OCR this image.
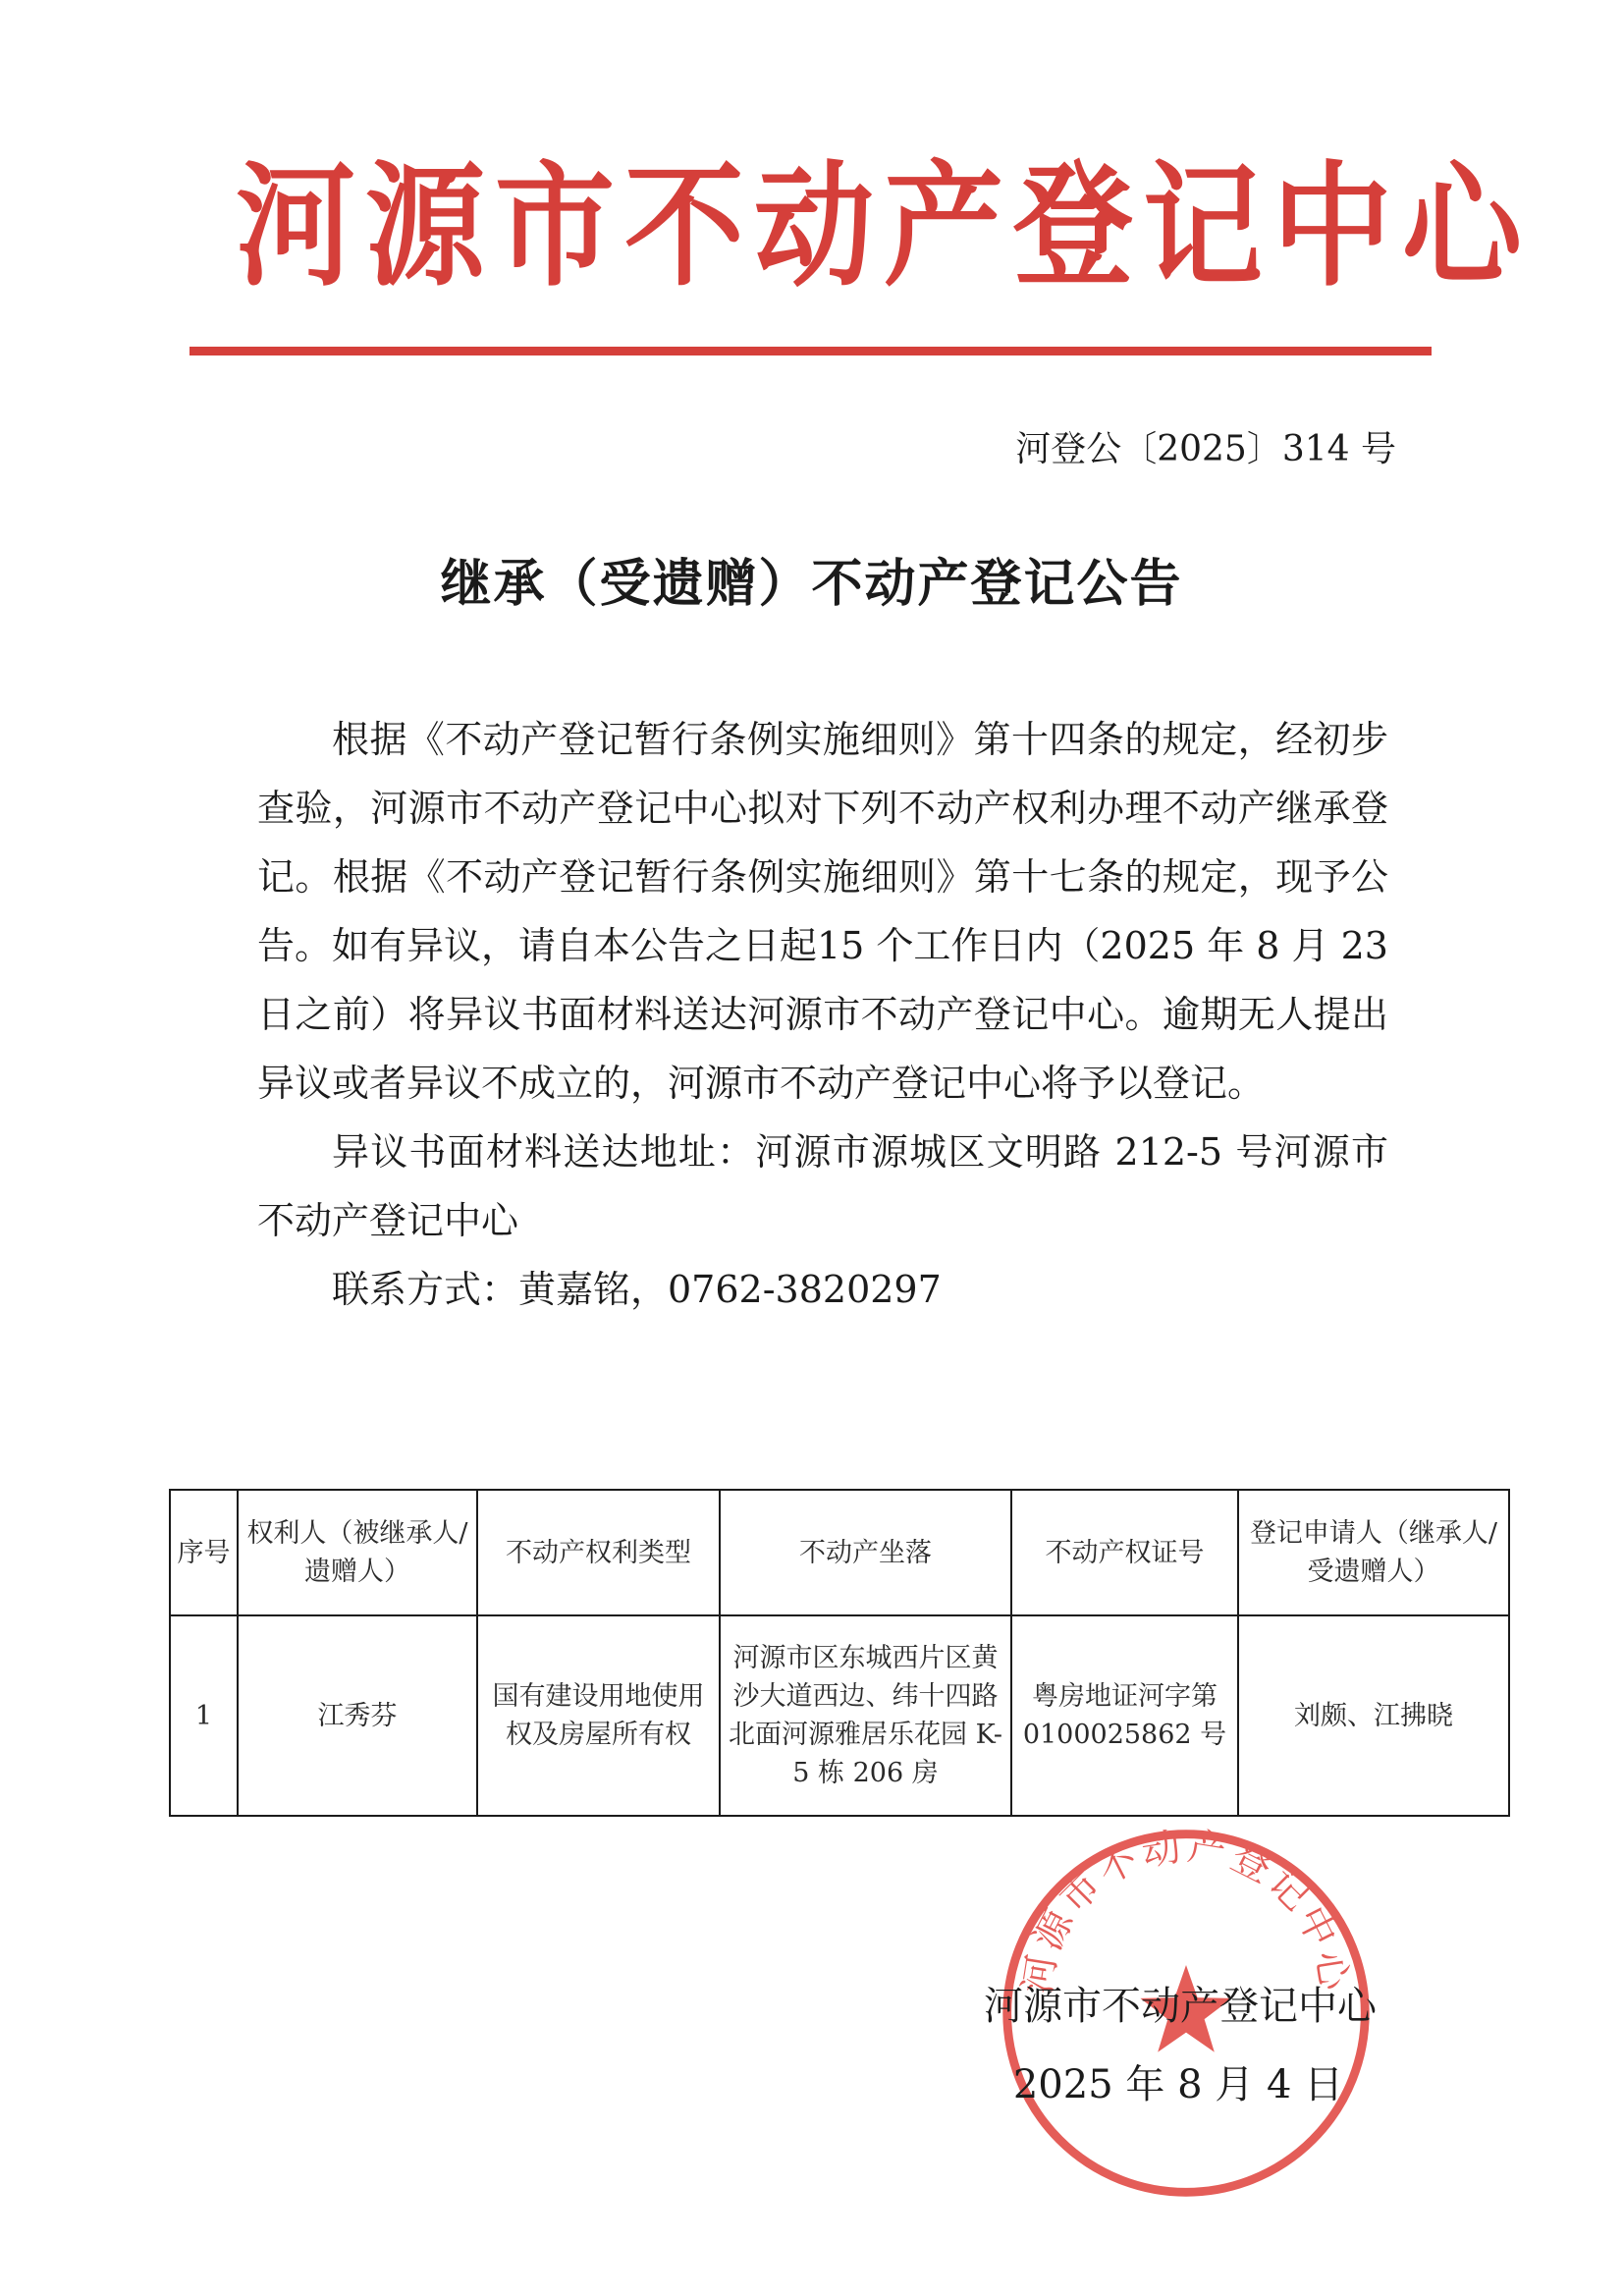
河源市不动产登记中心
河登公〔2025〕314 号
继承（受遗赠）不动产登记公告

根据《不动产登记暂行条例实施细则》第十四条的规定，经初步查验，河源市不动产登记中心拟对下列不动产权利办理不动产继承登记。根据《不动产登记暂行条例实施细则》第十七条的规定，现予公告。如有异议，请自本公告之日起15 个工作日内（2025 年 8 月 23 日之前）将异议书面材料送达河源市不动产登记中心。逾期无人提出异议或者异议不成立的，河源市不动产登记中心将予以登记。

异议书面材料送达地址：河源市源城区文明路 212-5 号河源市不动产登记中心

联系方式：黄嘉铭，0762-3820297

序号	权利人（被继承人/遗赠人）	不动产权利类型	不动产坐落	不动产权证号	登记申请人（继承人/受遗赠人）
1	江秀芬	国有建设用地使用权及房屋所有权	河源市区东城西片区黄沙大道西边、纬十四路北面河源雅居乐花园 K-5 栋 206 房	粤房地证河字第 0100025862 号	刘颇、江拂晓
河源市不动产登记中心
河源市不动产登记中心
2025 年 8 月 4 日
